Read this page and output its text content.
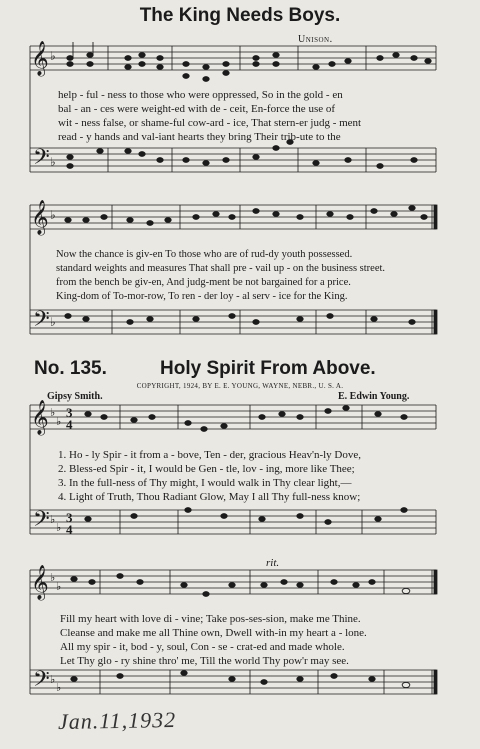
The King Needs Boys.
Unison.
𝄞
𝄢
𝄞
𝄢
𝄞
𝄢
𝄞
𝄢
♭
♭
♭
♭
♭
♭
♭
♭
♭
♭
♭
♭
3
4
3
4
help - ful - ness to those who were oppressed, So in the gold - en
bal - an - ces were weight-ed with de - ceit, En-force the use of
wit - ness false, or shame-ful cow-ard - ice, That stern-er judg - ment
read - y hands and val-iant hearts they bring Their trib-ute to the
Now the chance is giv-en To those who are of rud-dy youth possessed.
standard weights and measures That shall pre - vail up - on the business street.
from the bench be giv-en, And judg-ment be not bargained for a price.
King-dom of To-mor-row, To ren - der loy - al serv - ice for the King.
No. 135.	Holy Spirit From Above.
COPYRIGHT, 1924, BY E. E. YOUNG, WAYNE, NEBR., U. S. A.
Gipsy Smith.	E. Edwin Young.
1. Ho - ly Spir - it from a - bove, Ten - der, gracious Heav'n-ly Dove,
2. Bless-ed Spir - it, I would be Gen - tle, lov - ing, more like Thee;
3. In the full-ness of Thy might, I would walk in Thy clear light,—
4. Light of Truth, Thou Radiant Glow, May I all Thy full-ness know;
rit.
Fill my heart with love di - vine; Take pos-ses-sion, make me Thine.
Cleanse and make me all Thine own, Dwell with-in my heart a - lone.
All my spir - it, bod - y, soul, Con - se - crat-ed and made whole.
Let Thy glo - ry shine thro' me, Till the world Thy pow'r may see.
Jan.11,1932
